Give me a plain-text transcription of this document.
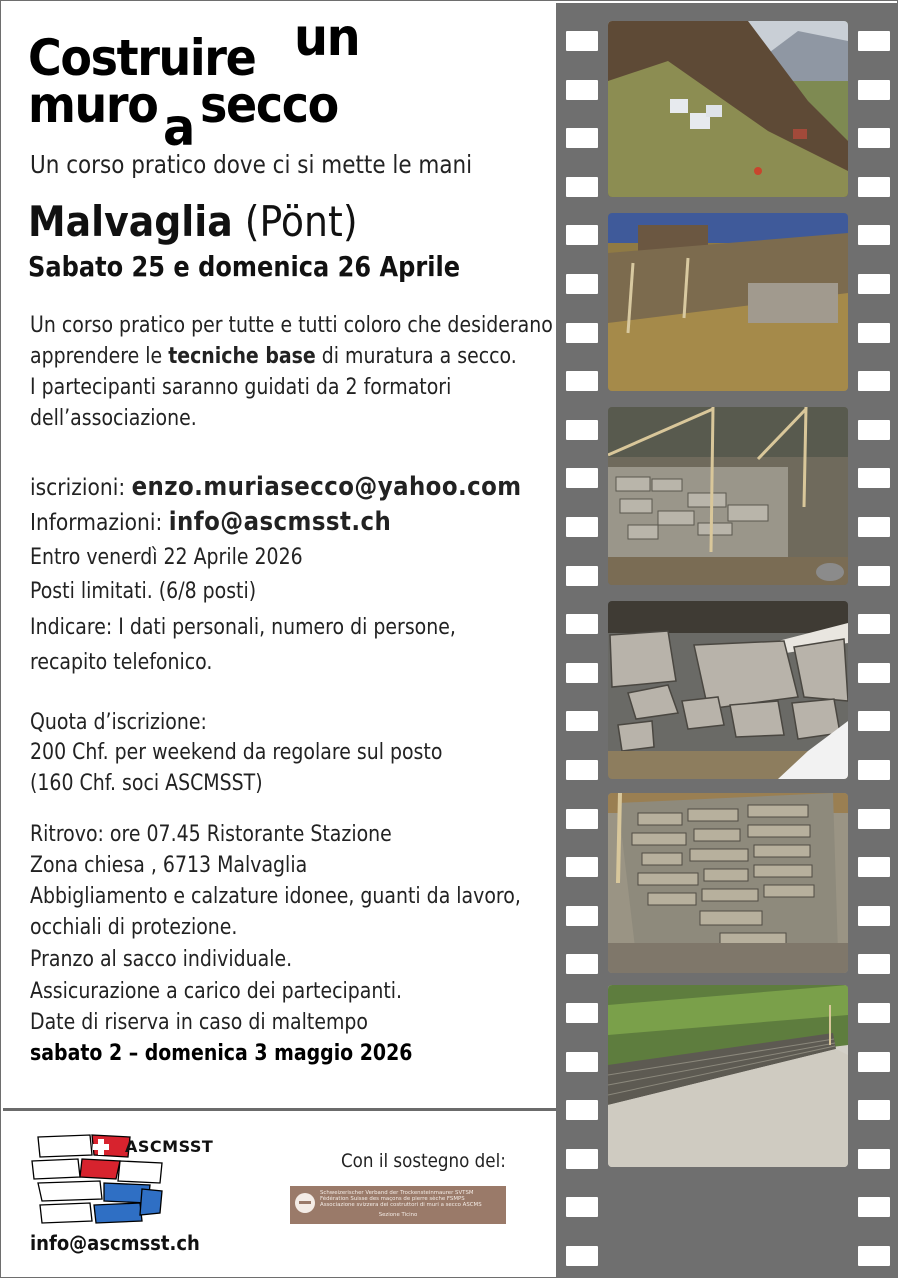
Costruire un
muro a secco
Un corso pratico dove ci si mette le mani
Malvaglia (Pönt)
Sabato 25 e domenica 26 Aprile
Un corso pratico per tutte e tutti coloro che desiderano
apprendere le tecniche base di muratura a secco.
I partecipanti saranno guidati da 2 formatori
dell’associazione.
iscrizioni: enzo.muriasecco@yahoo.com
Informazioni: info@ascmsst.ch
Entro venerdì 22 Aprile 2026
Posti limitati. (6/8 posti)
Indicare: I dati personali, numero di persone,
recapito telefonico.
Quota d’iscrizione:
200 Chf. per weekend da regolare sul posto
(160 Chf. soci ASCMSST)
Ritrovo: ore 07.45 Ristorante Stazione
Zona chiesa , 6713 Malvaglia
Abbigliamento e calzature idonee, guanti da lavoro,
occhiali di protezione.
Pranzo al sacco individuale.
Assicurazione a carico dei partecipanti.
Date di riserva in caso di maltempo
sabato 2 – domenica 3 maggio 2026
ASCMSST
info@ascmsst.ch
Con il sostegno del:
Schweizerischer Verband der Trockensteinmaurer SVTSM
Fédération Suisse des maçons de pierre sèche FSMPS
Associazione svizzera dei costruttori di muri a secco ASCMS
Sezione Ticino
